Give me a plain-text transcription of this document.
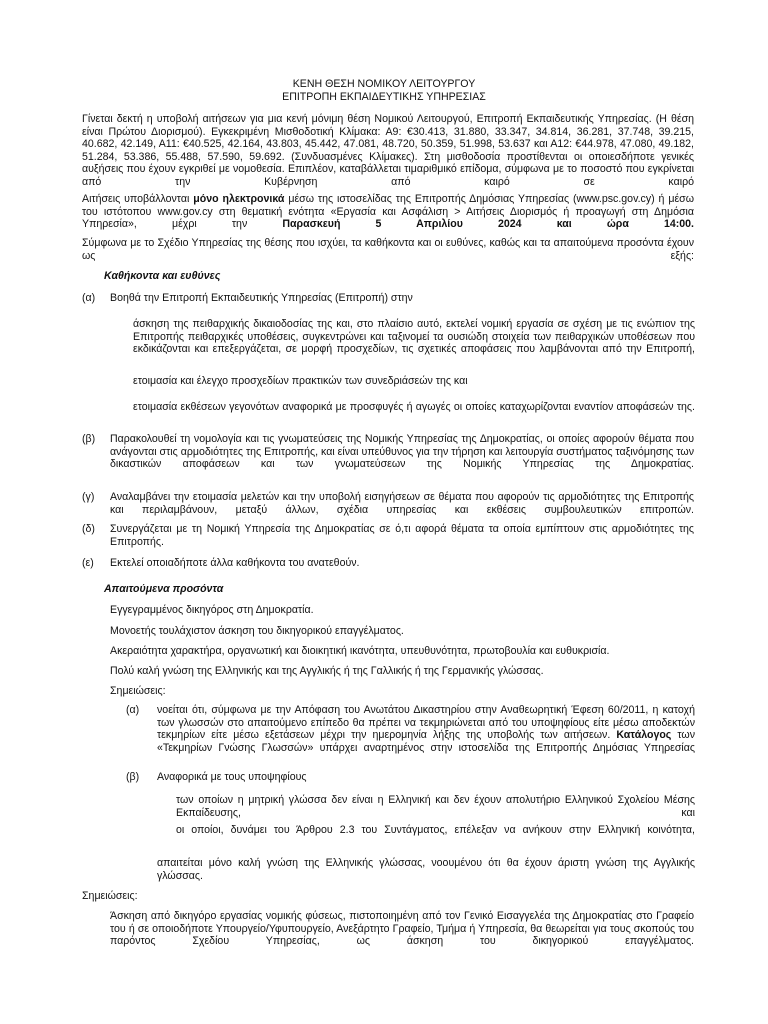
ΚΕΝΗ ΘΕΣΗ ΝΟΜΙΚΟΥ ΛΕΙΤΟΥΡΓΟΥ
ΕΠΙΤΡΟΠΗ ΕΚΠΑΙΔΕΥΤΙΚΗΣ ΥΠΗΡΕΣΙΑΣ

Γίνεται δεκτή η υποβολή αιτήσεων για μια κενή μόνιμη θέση Νομικού Λειτουργού, Επιτροπή Εκπαιδευτικής Υπηρεσίας. (Η θέση είναι Πρώτου Διορισμού). Εγκεκριμένη Μισθοδοτική Κλίμακα: Α9: €30.413, 31.880, 33.347, 34.814, 36.281, 37.748, 39.215, 40.682, 42.149, Α11: €40.525, 42.164, 43.803, 45.442, 47.081, 48.720, 50.359, 51.998, 53.637 και Α12: €44.978, 47.080, 49.182, 51.284, 53.386, 55.488, 57.590, 59.692. (Συνδυασμένες Κλίμακες). Στη μισθοδοσία προστίθενται οι οποιεσδήποτε γενικές αυξήσεις που έχουν εγκριθεί με νομοθεσία. Επιπλέον, καταβάλλεται τιμαριθμικό επίδομα, σύμφωνα με το ποσοστό που εγκρίνεται από την Κυβέρνηση από καιρό σε καιρό

Αιτήσεις υποβάλλονται μόνο ηλεκτρονικά μέσω της ιστοσελίδας της Επιτροπής Δημόσιας Υπηρεσίας (www.psc.gov.cy) ή μέσω του ιστότοπου www.gov.cy στη θεματική ενότητα «Εργασία και Ασφάλιση > Αιτήσεις Διορισμός ή προαγωγή στη Δημόσια Υπηρεσία», μέχρι την Παρασκευή 5 Απριλίου 2024 και ώρα 14:00.

Σύμφωνα με το Σχέδιο Υπηρεσίας της θέσης που ισχύει, τα καθήκοντα και οι ευθύνες, καθώς και τα απαιτούμενα προσόντα έχουν ως εξής:

Καθήκοντα και ευθύνες
(α) Βοηθά την Επιτροπή Εκπαιδευτικής Υπηρεσίας (Επιτροπή) στην

άσκηση της πειθαρχικής δικαιοδοσίας της και, στο πλαίσιο αυτό, εκτελεί νομική εργασία σε σχέση με τις ενώπιον της Επιτροπής πειθαρχικές υποθέσεις, συγκεντρώνει και ταξινομεί τα ουσιώδη στοιχεία των πειθαρχικών υποθέσεων που εκδικάζονται και επεξεργάζεται, σε μορφή προσχεδίων, τις σχετικές αποφάσεις που λαμβάνονται από την Επιτροπή,

ετοιμασία και έλεγχο προσχεδίων πρακτικών των συνεδριάσεών της και

ετοιμασία εκθέσεων γεγονότων αναφορικά με προσφυγές ή αγωγές οι οποίες καταχωρίζονται εναντίον αποφάσεών της.

(β) Παρακολουθεί τη νομολογία και τις γνωματεύσεις της Νομικής Υπηρεσίας της Δημοκρατίας, οι οποίες αφορούν θέματα που ανάγονται στις αρμοδιότητες της Επιτροπής, και είναι υπεύθυνος για την τήρηση και λειτουργία συστήματος ταξινόμησης των δικαστικών αποφάσεων και των γνωματεύσεων της Νομικής Υπηρεσίας της Δημοκρατίας.

(γ) Αναλαμβάνει την ετοιμασία μελετών και την υποβολή εισηγήσεων σε θέματα που αφορούν τις αρμοδιότητες της Επιτροπής και περιλαμβάνουν, μεταξύ άλλων, σχέδια υπηρεσίας και εκθέσεις συμβουλευτικών επιτροπών.

(δ) Συνεργάζεται με τη Νομική Υπηρεσία της Δημοκρατίας σε ό,τι αφορά θέματα τα οποία εμπίπτουν στις αρμοδιότητες της Επιτροπής.

(ε) Εκτελεί οποιαδήποτε άλλα καθήκοντα του ανατεθούν.
Απαιτούμενα προσόντα
Εγγεγραμμένος δικηγόρος στη Δημοκρατία.
Μονοετής τουλάχιστον άσκηση του δικηγορικού επαγγέλματος.
Ακεραιότητα χαρακτήρα, οργανωτική και διοικητική ικανότητα, υπευθυνότητα, πρωτοβουλία και ευθυκρισία.
Πολύ καλή γνώση της Ελληνικής και της Αγγλικής ή της Γαλλικής ή της Γερμανικής γλώσσας.
Σημειώσεις:
(α) νοείται ότι, σύμφωνα με την Απόφαση του Ανωτάτου Δικαστηρίου στην Αναθεωρητική Έφεση 60/2011, η κατοχή των γλωσσών στο απαιτούμενο επίπεδο θα πρέπει να τεκμηριώνεται από του υποψηφίους είτε μέσω αποδεκτών τεκμηρίων είτε μέσω εξετάσεων μέχρι την ημερομηνία λήξης της υποβολής των αιτήσεων. Κατάλογος των «Τεκμηρίων Γνώσης Γλωσσών» υπάρχει αναρτημένος στην ιστοσελίδα της Επιτροπής Δημόσιας Υπηρεσίας

(β) Αναφορικά με τους υποψηφίους

των οποίων η μητρική γλώσσα δεν είναι η Ελληνική και δεν έχουν απολυτήριο Ελληνικού Σχολείου Μέσης Εκπαίδευσης, και

οι οποίοι, δυνάμει του Άρθρου 2.3 του Συντάγματος, επέλεξαν να ανήκουν στην Ελληνική κοινότητα,

απαιτείται μόνο καλή γνώση της Ελληνικής γλώσσας, νοουμένου ότι θα έχουν άριστη γνώση της Αγγλικής γλώσσας.

Σημειώσεις:

Άσκηση από δικηγόρο εργασίας νομικής φύσεως, πιστοποιημένη από τον Γενικό Εισαγγελέα της Δημοκρατίας στο Γραφείο του ή σε οποιοδήποτε Υπουργείο/Υφυπουργείο, Ανεξάρτητο Γραφείο, Τμήμα ή Υπηρεσία, θα θεωρείται για τους σκοπούς του παρόντος Σχεδίου Υπηρεσίας, ως άσκηση του δικηγορικού επαγγέλματος.
